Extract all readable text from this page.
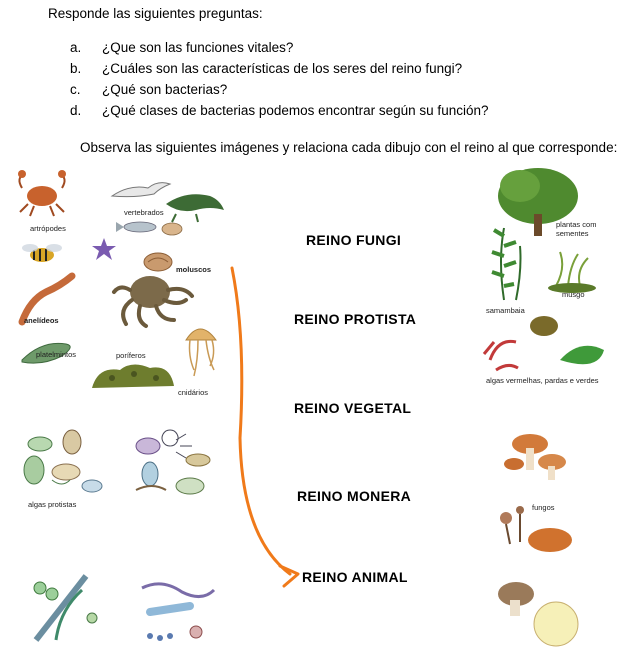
Responde las siguientes preguntas:
a. ¿Que son las funciones vitales?
b. ¿Cuáles son las características de los seres del reino fungi?
c. ¿Qué son bacterias?
d. ¿Qué clases de bacterias podemos encontrar según su función?
Observa las siguientes imágenes y relaciona cada dibujo con el reino al que corresponde:
artrópodes
vertebrados
moluscos
anelídeos
platelmintos	poríferos
cnidários
algas protistas
plantas com sementes
musgo
samambaia
algas vermelhas, pardas e verdes
fungos
REINO FUNGI
REINO PROTISTA
REINO VEGETAL
REINO MONERA
REINO ANIMAL
